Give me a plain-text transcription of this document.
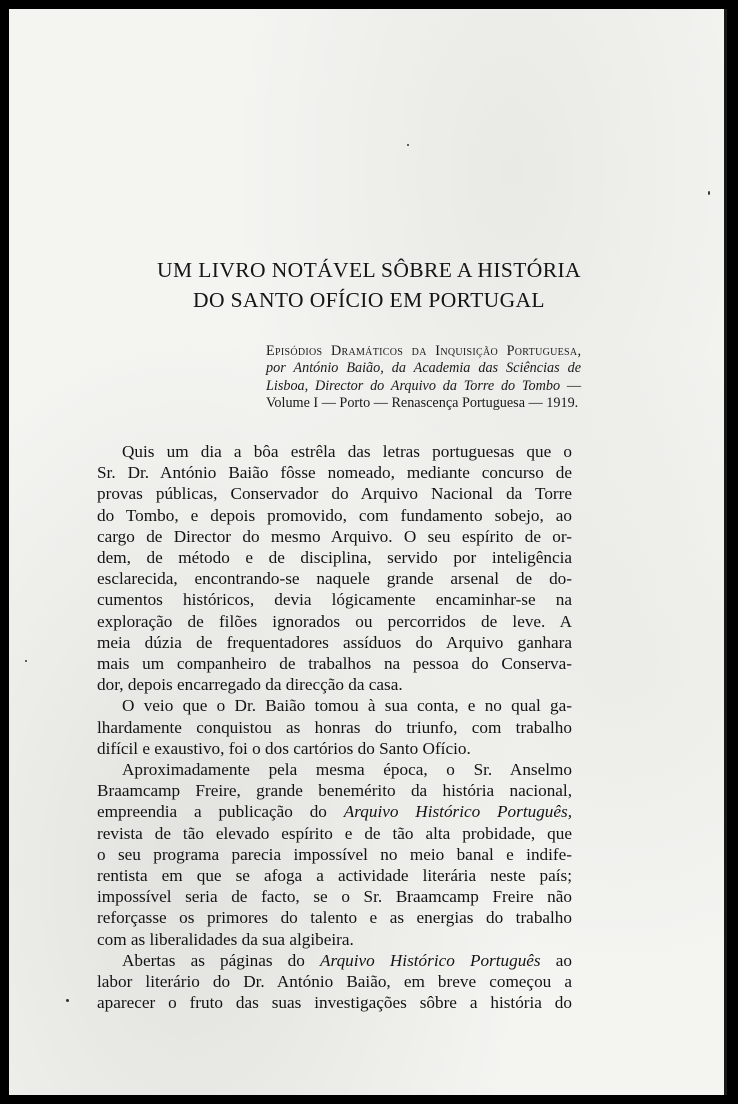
UM LIVRO NOTÁVEL SÔBRE A HISTÓRIA
DO SANTO OFÍCIO EM PORTUGAL
Episódios Dramáticos da Inquisição Portuguesa, por António Baião, da Academia das Sciências de Lisboa, Director do Arquivo da Torre do Tombo — Volume I — Porto — Renascença Portuguesa — 1919.
Quis um dia a bôa estrêla das letras portuguesas que o
Sr. Dr. António Baião fôsse nomeado, mediante concurso de
provas públicas, Conservador do Arquivo Nacional da Torre
do Tombo, e depois promovido, com fundamento sobejo, ao
cargo de Director do mesmo Arquivo. O seu espírito de or-
dem, de método e de disciplina, servido por inteligência
esclarecida, encontrando-se naquele grande arsenal de do-
cumentos históricos, devia lógicamente encaminhar-se na
exploração de filões ignorados ou percorridos de leve. A
meia dúzia de frequentadores assíduos do Arquivo ganhara
mais um companheiro de trabalhos na pessoa do Conserva-
dor, depois encarregado da direcção da casa.
O veio que o Dr. Baião tomou à sua conta, e no qual ga-
lhardamente conquistou as honras do triunfo, com trabalho
difícil e exaustivo, foi o dos cartórios do Santo Ofício.
Aproximadamente pela mesma época, o Sr. Anselmo
Braamcamp Freire, grande benemérito da história nacional,
empreendia a publicação do Arquivo Histórico Português,
revista de tão elevado espírito e de tão alta probidade, que
o seu programa parecia impossível no meio banal e indife-
rentista em que se afoga a actividade literária neste país;
impossível seria de facto, se o Sr. Braamcamp Freire não
reforçasse os primores do talento e as energias do trabalho
com as liberalidades da sua algibeira.
Abertas as páginas do Arquivo Histórico Português ao
labor literário do Dr. António Baião, em breve começou a
aparecer o fruto das suas investigações sôbre a história do
